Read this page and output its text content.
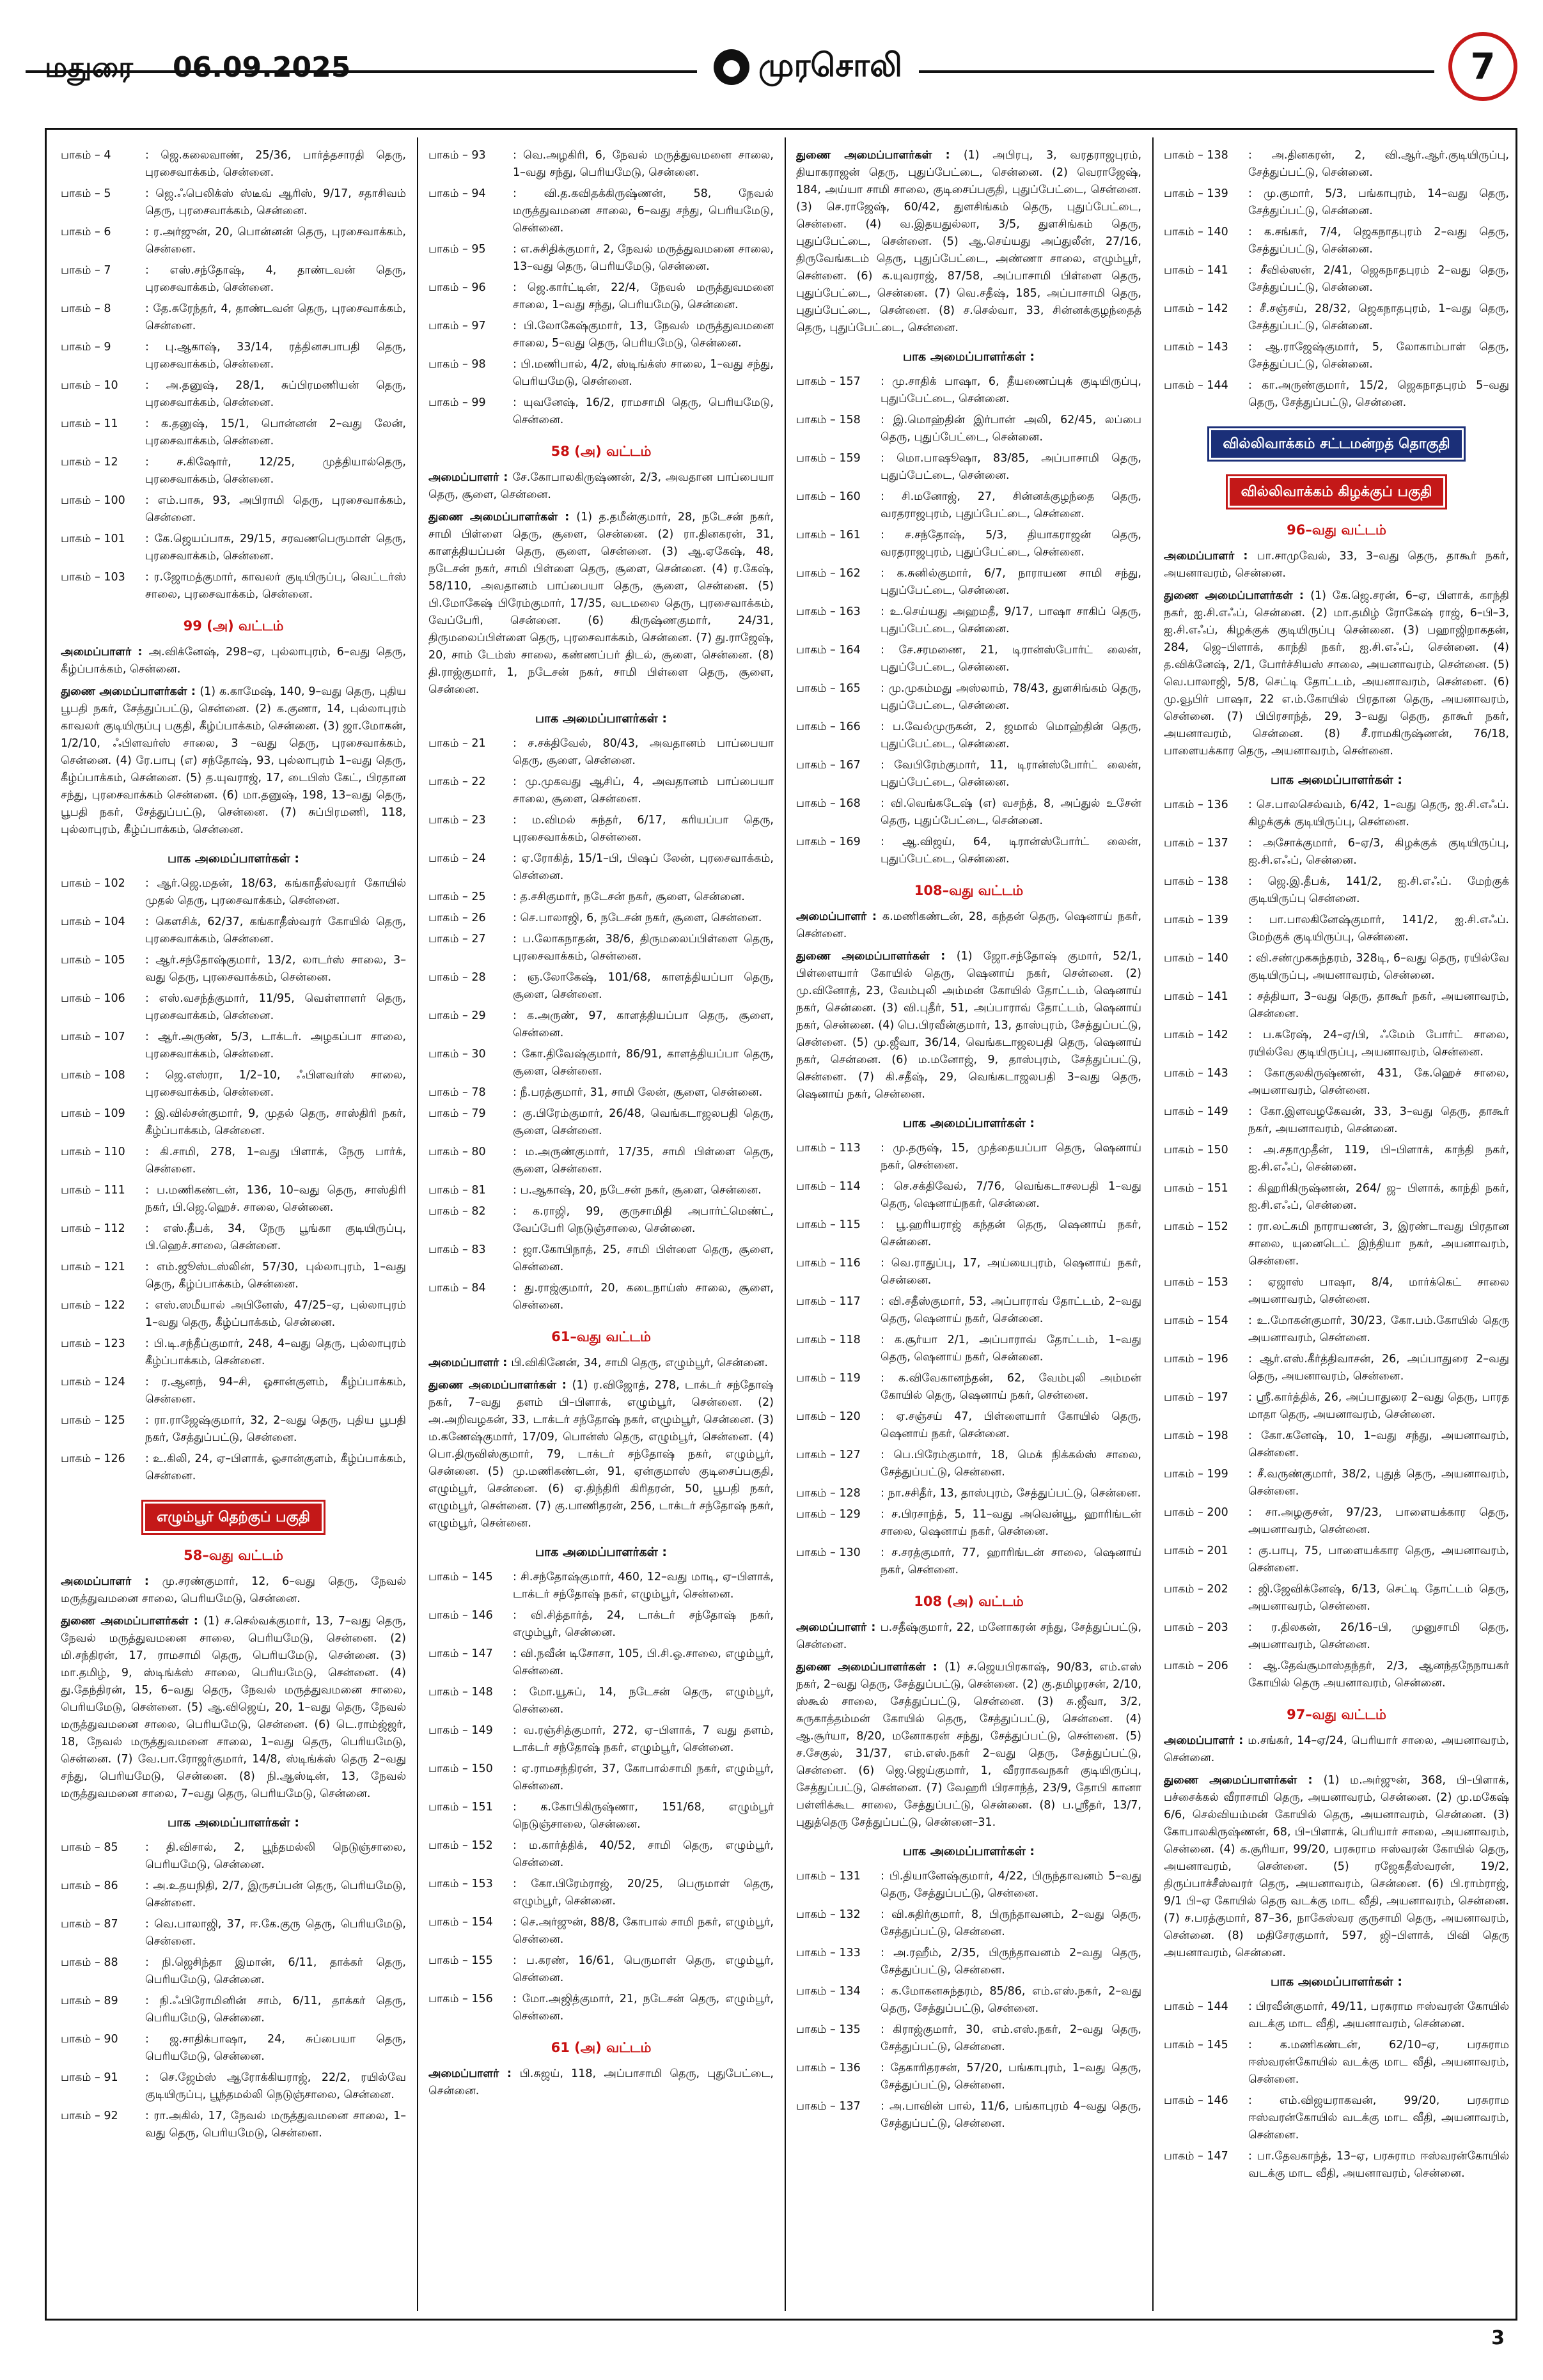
மதுரை 06.09.2025	● முரசொலி	7
பாகம் – 4	: ஜெ.கலைவாண், 25/36, பார்த்தசாரதி தெரு, புரசைவாக்கம், சென்னை.
பாகம் – 5	: ஜெ.ஃபெலிக்ஸ் ஸ்டீவ் ஆரிஸ், 9/17, சதாசிவம் தெரு, புரசைவாக்கம், சென்னை.
பாகம் – 6	: ர.அர்ஜுன், 20, பொன்னன் தெரு, புரசைவாக்கம், சென்னை.
பாகம் – 7	: எஸ்.சந்தோஷ், 4, தாண்டவன் தெரு, புரசைவாக்கம், சென்னை.
பாகம் – 8	: தே.சுரேந்தர், 4, தாண்டவன் தெரு, புரசைவாக்கம், சென்னை.
பாகம் – 9	: பு.ஆகாஷ், 33/14, ரத்தினசபாபதி தெரு, புரசைவாக்கம், சென்னை.
பாகம் – 10	: அ.தனுஷ், 28/1, சுப்பிரமணியன் தெரு, புரசைவாக்கம், சென்னை.
பாகம் – 11	: க.தனுஷ், 15/1, பொன்னன் 2–வது லேன், புரசைவாக்கம், சென்னை.
பாகம் – 12	: ச.கிஷோர், 12/25, முத்தியால்தெரு, புரசைவாக்கம், சென்னை.
பாகம் – 100	: எம்.பாசு, 93, அபிராமி தெரு, புரசைவாக்கம், சென்னை.
பாகம் – 101	: கே.ஜெயப்பாசு, 29/15, சரவணபெருமாள் தெரு, புரசைவாக்கம், சென்னை.
பாகம் – 103	: ர.ஜோமத்குமார், காவலர் குடியிருப்பு, வெட்டர்ஸ் சாலை, புரசைவாக்கம், சென்னை.
99 (அ) வட்டம்
அமைப்பாளர் : அ.விக்னேஷ், 298–ஏ, புல்லாபுரம், 6–வது தெரு, கீழ்ப்பாக்கம், சென்னை.
துணை அமைப்பாளர்கள் : (1) க.காமேஷ், 140, 9–வது தெரு, புதிய பூபதி நகர், சேத்துப்பட்டு, சென்னை. (2) க.குணா, 14, புல்லாபுரம் காவலர் குடியிருப்பு பகுதி, கீழ்ப்பாக்கம், சென்னை. (3) ஜா.மோகன், 1/2/10, ஃபிளவர்ஸ் சாலை, 3 –வது தெரு, புரசைவாக்கம், சென்னை. (4) ரே.பாபு (எ) சந்தோஷ், 93, புல்லாபுரம் 1–வது தெரு, கீழ்ப்பாக்கம், சென்னை. (5) த.யுவராஜ், 17, டைபிஸ் கேட், பிரதான சந்து, புரசைவாக்கம் சென்னை. (6) மா.தனுஷ், 198, 13–வது தெரு, பூபதி நகர், சேத்துப்பட்டு, சென்னை. (7) சுப்பிரமணி, 118, புல்லாபுரம், கீழ்ப்பாக்கம், சென்னை.
பாக அமைப்பாளர்கள் :
பாகம் – 102	: ஆர்.ஜெ.மதன், 18/63, கங்காதீஸ்வரர் கோயில் முதல் தெரு, புரசைவாக்கம், சென்னை.
பாகம் – 104	: கௌசிக், 62/37, கங்காதீஸ்வரர் கோயில் தெரு, புரசைவாக்கம், சென்னை.
பாகம் – 105	: ஆர்.சந்தோஷ்குமார், 13/2, லாடர்ஸ் சாலை, 3–வது தெரு, புரசைவாக்கம், சென்னை.
பாகம் – 106	: எஸ்.வசந்த்குமார், 11/95, வெள்ளாளர் தெரு, புரசைவாக்கம், சென்னை.
பாகம் – 107	: ஆர்.அருண், 5/3, டாக்டர். அழகப்பா சாலை, புரசைவாக்கம், சென்னை.
பாகம் – 108	: ஜெ.எஸ்ரா, 1/2–10, ஃபிளவர்ஸ் சாலை, புரசைவாக்கம், சென்னை.
பாகம் – 109	: இ.வில்சன்குமார், 9, முதல் தெரு, சாஸ்திரி நகர், கீழ்ப்பாக்கம், சென்னை.
பாகம் – 110	: கி.சாமி, 278, 1–வது பிளாக், நேரு பார்க், சென்னை.
பாகம் – 111	: ப.மணிகண்டன், 136, 10–வது தெரு, சாஸ்திரி நகர், பி.ஜெ.ஹெச். சாலை, சென்னை.
பாகம் – 112	: எஸ்.தீபக், 34, நேரு பூங்கா குடியிருப்பு, பி.ஹெச்.சாலை, சென்னை.
பாகம் – 121	: எம்.ஜூஸ்டஸ்லின், 57/30, புல்லாபுரம், 1–வது தெரு, கீழ்ப்பாக்கம், சென்னை.
பாகம் – 122	: எஸ்.ஸமீயால் அபினேஸ், 47/25–ஏ, புல்லாபுரம் 1–வது தெரு, கீழ்ப்பாக்கம், சென்னை.
பாகம் – 123	: பி.டி.சந்தீப்குமார், 248, 4–வது தெரு, புல்லாபுரம் கீழ்ப்பாக்கம், சென்னை.
பாகம் – 124	: ர.ஆனந், 94–சி, ஓசான்குளம், கீழ்ப்பாக்கம், சென்னை.
பாகம் – 125	: ரா.ராஜேஷ்குமார், 32, 2–வது தெரு, புதிய பூபதி நகர், சேத்துப்பட்டு, சென்னை.
பாகம் – 126	: உ.கிலி, 24, ஏ–பிளாக், ஓசான்குளம், கீழ்ப்பாக்கம், சென்னை.
எழும்பூர் தெற்குப் பகுதி
58–வது வட்டம்
அமைப்பாளர் : மு.சரண்குமார், 12, 6–வது தெரு, நேவல் மருத்துவமனை சாலை, பெரியமேடு, சென்னை.
துணை அமைப்பாளர்கள் : (1) ச.செல்வக்குமார், 13, 7–வது தெரு, நேவல் மருத்துவமனை சாலை, பெரியமேடு, சென்னை. (2) மி.சந்திரன், 17, ராமசாமி தெரு, பெரியமேடு, சென்னை. (3) மா.தமிழ், 9, ஸ்டிங்க்ஸ் சாலை, பெரியமேடு, சென்னை. (4) து.தேந்திரன், 15, 6–வது தெரு, நேவல் மருத்துவமனை சாலை, பெரியமேடு, சென்னை. (5) ஆ.விஜெய், 20, 1–வது தெரு, நேவல் மருத்துவமனை சாலை, பெரியமேடு, சென்னை. (6) டெ.ராம்ஜ்ஜர், 18, நேவல் மருத்துவமனை சாலை, 1–வது தெரு, பெரியமேடு, சென்னை. (7) வே.பா.ரோஜர்குமார், 14/8, ஸ்டிங்க்ஸ் தெரு 2–வது சந்து, பெரியமேடு, சென்னை. (8) நி.ஆஸ்டின், 13, நேவல் மருத்துவமனை சாலை, 7–வது தெரு, பெரியமேடு, சென்னை.
பாக அமைப்பாளர்கள் :
பாகம் – 85	: தி.விசால், 2, பூந்தமல்லி நெடுஞ்சாலை, பெரியமேடு, சென்னை.
பாகம் – 86	: அ.உதயநிதி, 2/7, இருசப்பன் தெரு, பெரியமேடு, சென்னை.
பாகம் – 87	: வெ.பாலாஜி, 37, ஈ.கே.குரு தெரு, பெரியமேடு, சென்னை.
பாகம் – 88	: நி.ஜெசிந்தா இமான், 6/11, தாக்கர் தெரு, பெரியமேடு, சென்னை.
பாகம் – 89	: நி.ஃபிரோமினின் சாம், 6/11, தாக்கர் தெரு, பெரியமேடு, சென்னை.
பாகம் – 90	: ஜ.சாதிக்பாஷா, 24, சுப்பையா தெரு, பெரியமேடு, சென்னை.
பாகம் – 91	: செ.ஜேம்ஸ் ஆரோக்கியராஜ், 22/2, ரயில்வே குடியிருப்பு, பூந்தமல்லி நெடுஞ்சாலை, சென்னை.
பாகம் – 92	: ரா.அகில், 17, நேவல் மருத்துவமனை சாலை, 1–வது தெரு, பெரியமேடு, சென்னை.
பாகம் – 93	: வெ.அழகிரி, 6, நேவல் மருத்துவமனை சாலை, 1–வது சந்து, பெரியமேடு, சென்னை.
பாகம் – 94	: வி.த.கவிதக்கிருஷ்ணன், 58, நேவல் மருத்துவமனை சாலை, 6–வது சந்து, பெரியமேடு, சென்னை.
பாகம் – 95	: எ.சுசிதிக்குமார், 2, நேவல் மருத்துவமனை சாலை, 13–வது தெரு, பெரியமேடு, சென்னை.
பாகம் – 96	: ஜெ.கார்ட்டின், 22/4, நேவல் மருத்துவமனை சாலை, 1–வது சந்து, பெரியமேடு, சென்னை.
பாகம் – 97	: பி.லோகேஷ்குமார், 13, நேவல் மருத்துவமனை சாலை, 5–வது தெரு, பெரியமேடு, சென்னை.
பாகம் – 98	: பி.மணிபால், 4/2, ஸ்டிங்க்ஸ் சாலை, 1–வது சந்து, பெரியமேடு, சென்னை.
பாகம் – 99	: யுவனேஷ், 16/2, ராமசாமி தெரு, பெரியமேடு, சென்னை.
58 (அ) வட்டம்
அமைப்பாளர் : சே.கோபாலகிருஷ்ணன், 2/3, அவதான பாப்பையா தெரு, சூளை, சென்னை.
துணை அமைப்பாளர்கள் : (1) த.தமீன்குமார், 28, நடேசன் நகர், சாமி பிள்ளை தெரு, சூளை, சென்னை. (2) ரா.தினகரன், 31, காளத்தியப்பன் தெரு, சூளை, சென்னை. (3) ஆ.ஏகேஷ், 48, நடேசன் நகர், சாமி பிள்ளை தெரு, சூளை, சென்னை. (4) ர.கேஷ், 58/110, அவதானம் பாப்பையா தெரு, சூளை, சென்னை. (5) பி.மோகேஷ் பிரேம்குமார், 17/35, வடமலை தெரு, புரசைவாக்கம், வேப்பேரி, சென்னை. (6) கிருஷ்ணகுமார், 24/31, திருமலைப்பிள்ளை தெரு, புரசைவாக்கம், சென்னை. (7) து.ராஜேஷ், 20, சாம் டேம்ஸ் சாலை, கண்ணப்பர் திடல், சூளை, சென்னை. (8) தி.ராஜ்குமார், 1, நடேசன் நகர், சாமி பிள்ளை தெரு, சூளை, சென்னை.
பாக அமைப்பாளர்கள் :
பாகம் – 21	: ச.சக்திவேல், 80/43, அவதானம் பாப்பையா தெரு, சூளை, சென்னை.
பாகம் – 22	: மு.முகவது ஆசிப், 4, அவதானம் பாப்பையா சாலை, சூளை, சென்னை.
பாகம் – 23	: ம.விமல் சுந்தர், 6/17, கரியப்பா தெரு, புரசைவாக்கம், சென்னை.
பாகம் – 24	: ஏ.ரோகித், 15/1–பி, பிஷப் லேன், புரசைவாக்கம், சென்னை.
பாகம் – 25	: த.சசிகுமார், நடேசன் நகர், சூளை, சென்னை.
பாகம் – 26	: செ.பாலாஜி, 6, நடேசன் நகர், சூளை, சென்னை.
பாகம் – 27	: ப.லோகநாதன், 38/6, திருமலைப்பிள்ளை தெரு, புரசைவாக்கம், சென்னை.
பாகம் – 28	: ஞ.லோகேஷ், 101/68, காளத்தியப்பா தெரு, சூளை, சென்னை.
பாகம் – 29	: க.அருண், 97, காளத்தியப்பா தெரு, சூளை, சென்னை.
பாகம் – 30	: கோ.திவேஷ்குமார், 86/91, காளத்தியப்பா தெரு, சூளை, சென்னை.
பாகம் – 78	: நீ.பரத்குமார், 31, சாமி லேன், சூளை, சென்னை.
பாகம் – 79	: கு.பிரேம்குமார், 26/48, வெங்கடாஜலபதி தெரு, சூளை, சென்னை.
பாகம் – 80	: ம.அருண்குமார், 17/35, சாமி பிள்ளை தெரு, சூளை, சென்னை.
பாகம் – 81	: ப.ஆகாஷ், 20, நடேசன் நகர், சூளை, சென்னை.
பாகம் – 82	: க.ராஜி, 99, குருசாமிதி அபார்ட்மெண்ட், வேப்பேரி நெடுஞ்சாலை, சென்னை.
பாகம் – 83	: ஜா.கோபிநாத், 25, சாமி பிள்ளை தெரு, சூளை, சென்னை.
பாகம் – 84	: து.ராஜ்குமார், 20, கடைநாய்ஸ் சாலை, சூளை, சென்னை.
61–வது வட்டம்
அமைப்பாளர் : பி.விகினேன், 34, சாமி தெரு, எழும்பூர், சென்னை.
துணை அமைப்பாளர்கள் : (1) ர.விஜோத், 278, டாக்டர் சந்தோஷ் நகர், 7–வது தளம் பி–பிளாக், எழும்பூர், சென்னை. (2) அ.அறிவழகன், 33, டாக்டர் சந்தோஷ் நகர், எழும்பூர், சென்னை. (3) ம.கணேஷ்குமார், 17/09, பொன்ஸ் தெரு, எழும்பூர், சென்னை. (4) பொ.திருவிஸ்குமார், 79, டாக்டர் சந்தோஷ் நகர், எழும்பூர், சென்னை. (5) மு.மணிகண்டன், 91, ஏன்குமாஸ் குடிசைப்பகுதி, எழும்பூர், சென்னை. (6) ஏ.திந்திரி கிரிதரன், 50, பூபதி நகர், எழும்பூர், சென்னை. (7) கு.பாணிதரன், 256, டாக்டர் சந்தோஷ் நகர், எழும்பூர், சென்னை.
பாக அமைப்பாளர்கள் :
பாகம் – 145	: சி.சந்தோஷ்குமார், 460, 12–வது மாடி, ஏ–பிளாக், டாக்டர் சந்தோஷ் நகர், எழும்பூர், சென்னை.
பாகம் – 146	: வி.சித்தார்த், 24, டாக்டர் சந்தோஷ் நகர், எழும்பூர், சென்னை.
பாகம் – 147	: வி.நவீன் டிசோசா, 105, பி.சி.ஓ.சாலை, எழும்பூர், சென்னை.
பாகம் – 148	: மோ.யூசுப், 14, நடேசன் தெரு, எழும்பூர், சென்னை.
பாகம் – 149	: வ.ரஞ்சித்குமார், 272, ஏ–பிளாக், 7 வது தளம், டாக்டர் சந்தோஷ் நகர், எழும்பூர், சென்னை.
பாகம் – 150	: ஏ.ராமசந்திரன், 37, கோபால்சாமி நகர், எழும்பூர், சென்னை.
பாகம் – 151	: க.கோபிகிருஷ்ணா, 151/68, எழும்பூர் நெடுஞ்சாலை, சென்னை.
பாகம் – 152	: ம.கார்த்திக், 40/52, சாமி தெரு, எழும்பூர், சென்னை.
பாகம் – 153	: கோ.பிரேம்ராஜ், 20/25, பெருமாள் தெரு, எழும்பூர், சென்னை.
பாகம் – 154	: செ.அர்ஜுன், 88/8, கோபால் சாமி நகர், எழும்பூர், சென்னை.
பாகம் – 155	: ப.கரண், 16/61, பெருமாள் தெரு, எழும்பூர், சென்னை.
பாகம் – 156	: மோ.அஜித்குமார், 21, நடேசன் தெரு, எழும்பூர், சென்னை.
61 (அ) வட்டம்
அமைப்பாளர் : பி.சுஜய், 118, அப்பாசாமி தெரு, புதுபேட்டை, சென்னை.
துணை அமைப்பாளர்கள் : (1) அபிரபு, 3, வரதராஜபுரம், தியாகராஜன் தெரு, புதுப்பேட்டை, சென்னை. (2) வெராஜேஷ், 184, அய்யா சாமி சாலை, குடிசைப்பகுதி, புதுப்பேட்டை, சென்னை. (3) செ.ராஜேஷ், 60/42, துளசிங்கம் தெரு, புதுப்பேட்டை, சென்னை. (4) வ.இதயதுல்லா, 3/5, துளசிங்கம் தெரு, புதுப்பேட்டை, சென்னை. (5) ஆ.செய்யது அப்துலீன், 27/16, திருவேங்கடம் தெரு, புதுப்பேட்டை, அண்ணா சாலை, எழும்பூர், சென்னை. (6) க.யுவராஜ், 87/58, அப்பாசாமி பிள்ளை தெரு, புதுப்பேட்டை, சென்னை. (7) வெ.சதீஷ், 185, அப்பாசாமி தெரு, புதுப்பேட்டை, சென்னை. (8) ச.செல்வா, 33, சின்னக்குழந்தைத் தெரு, புதுப்பேட்டை, சென்னை.
பாக அமைப்பாளர்கள் :
பாகம் – 157	: மு.சாதிக் பாஷா, 6, தீயணைப்புக் குடியிருப்பு, புதுப்பேட்டை, சென்னை.
பாகம் – 158	: இ.மொஹ்தின் இர்பான் அலி, 62/45, லப்பை தெரு, புதுப்பேட்டை, சென்னை.
பாகம் – 159	: மொ.பாஷூஷா, 83/85, அப்பாசாமி தெரு, புதுப்பேட்டை, சென்னை.
பாகம் – 160	: சி.மனோஜ், 27, சின்னக்குழந்தை தெரு, வரதராஜபுரம், புதுப்பேட்டை, சென்னை.
பாகம் – 161	: ச.சந்தோஷ், 5/3, தியாகராஜன் தெரு, வரதராஜபுரம், புதுப்பேட்டை, சென்னை.
பாகம் – 162	: க.சுனில்குமார், 6/7, நாராயண சாமி சந்து, புதுப்பேட்டை, சென்னை.
பாகம் – 163	: உ.செய்யது அஹமதீ, 9/17, பாஷா சாகிப் தெரு, புதுப்பேட்டை, சென்னை.
பாகம் – 164	: சே.சரமணை, 21, டிரான்ஸ்போர்ட் லைன், புதுப்பேட்டை, சென்னை.
பாகம் – 165	: மு.முகம்மது அஸ்லாம், 78/43, துளசிங்கம் தெரு, புதுப்பேட்டை, சென்னை.
பாகம் – 166	: ப.வேல்முருகன், 2, ஜமால் மொஹ்தின் தெரு, புதுப்பேட்டை, சென்னை.
பாகம் – 167	: வேபிரேம்குமார், 11, டிரான்ஸ்போர்ட் லைன், புதுப்பேட்டை, சென்னை.
பாகம் – 168	: வி.வெங்கடேஷ் (எ) வசந்த், 8, அப்துல் உசேன் தெரு, புதுப்பேட்டை, சென்னை.
பாகம் – 169	: ஆ.விஜய், 64, டிரான்ஸ்போர்ட் லைன், புதுப்பேட்டை, சென்னை.
108–வது வட்டம்
அமைப்பாளர் : க.மணிகண்டன், 28, கந்தன் தெரு, ஷெனாய் நகர், சென்னை.
துணை அமைப்பாளர்கள் : (1) ஜோ.சந்தோஷ் குமார், 52/1, பிள்ளையார் கோயில் தெரு, ஷெனாய் நகர், சென்னை. (2) மு.வினோத், 23, வேம்புலி அம்மன் கோயில் தோட்டம், ஷெனாய் நகர், சென்னை. (3) வி.புதீர், 51, அப்பாராவ் தோட்டம், ஷெனாய் நகர், சென்னை. (4) பெ.பிரவீன்குமார், 13, தாஸ்புரம், சேத்துப்பட்டு, சென்னை. (5) மு.ஜீவா, 36/14, வெங்கடாஜலபதி தெரு, ஷெனாய் நகர், சென்னை. (6) ம.மனோஜ், 9, தாஸ்புரம், சேத்துப்பட்டு, சென்னை. (7) கி.சதீஷ், 29, வெங்கடாஜலபதி 3–வது தெரு, ஷெனாய் நகர், சென்னை.
பாக அமைப்பாளர்கள் :
பாகம் – 113	: மு.தருஷ், 15, முத்தையப்பா தெரு, ஷெனாய் நகர், சென்னை.
பாகம் – 114	: செ.சக்திவேல், 7/76, வெங்கடாசலபதி 1–வது தெரு, ஷெனாய்நகர், சென்னை.
பாகம் – 115	: பூ.ஹரியராஜ் கந்தன் தெரு, ஷெனாய் நகர், சென்னை.
பாகம் – 116	: வெ.ராதுப்பு, 17, அய்யைபுரம், ஷெனாய் நகர், சென்னை.
பாகம் – 117	: வி.சதீஸ்குமார், 53, அப்பாராவ் தோட்டம், 2–வது தெரு, ஷெனாய் நகர், சென்னை.
பாகம் – 118	: க.சூர்யா 2/1, அப்பாராவ் தோட்டம், 1–வது தெரு, ஷெனாய் நகர், சென்னை.
பாகம் – 119	: க.விவேகானந்தன், 62, வேம்புலி அம்மன் கோயில் தெரு, ஷெனாய் நகர், சென்னை.
பாகம் – 120	: ஏ.சஞ்சய் 47, பிள்ளையார் கோயில் தெரு, ஷெனாய் நகர், சென்னை.
பாகம் – 127	: பெ.பிரேம்குமார், 18, மெக் நிக்கல்ஸ் சாலை, சேத்துப்பட்டு, சென்னை.
பாகம் – 128	: நா.சசிதீர், 13, தாஸ்புரம், சேத்துப்பட்டு, சென்னை.
பாகம் – 129	: ச.பிரசாந்த், 5, 11–வது அவென்யூ, ஹாரிங்டன் சாலை, ஷெனாய் நகர், சென்னை.
பாகம் – 130	: ச.சரத்குமார், 77, ஹாரிங்டன் சாலை, ஷெனாய் நகர், சென்னை.
108 (அ) வட்டம்
அமைப்பாளர் : ப.சதீஷ்குமார், 22, மனோகரன் சந்து, சேத்துப்பட்டு, சென்னை.
துணை அமைப்பாளர்கள் : (1) ச.ஜெயபிரகாஷ், 90/83, எம்.எஸ் நகர், 2–வது தெரு, சேத்துப்பட்டு, சென்னை. (2) கு.தமிழரசன், 2/10, ஸ்கூல் சாலை, சேத்துப்பட்டு, சென்னை. (3) சு.ஜீவா, 3/2, சுருகாத்தம்மன் கோயில் தெரு, சேத்துப்பட்டு, சென்னை. (4) ஆ.சூர்யா, 8/20, மனோகரன் சந்து, சேத்துப்பட்டு, சென்னை. (5) ச.சேகுல், 31/37, எம்.எஸ்.நகர் 2–வது தெரு, சேத்துப்பட்டு, சென்னை. (6) ஜெ.ஜெய்குமார், 1, வீரராகவநகர் குடியிருப்பு, சேத்துப்பட்டு, சென்னை. (7) வேஹரி பிரசாந்த், 23/9, தோபி கானா பள்ளிக்கூட சாலை, சேத்துப்பட்டு, சென்னை. (8) ப.ஸ்ரீதர், 13/7, புதுத்தெரு சேத்துப்பட்டு, சென்னை–31.
பாக அமைப்பாளர்கள் :
பாகம் – 131	: பி.தியானேஷ்குமார், 4/22, பிருந்தாவனம் 5–வது தெரு, சேத்துப்பட்டு, சென்னை.
பாகம் – 132	: வி.சுதிர்குமார், 8, பிருந்தாவனம், 2–வது தெரு, சேத்துப்பட்டு, சென்னை.
பாகம் – 133	: அ.ரஹீம், 2/35, பிருந்தாவனம் 2–வது தெரு, சேத்துப்பட்டு, சென்னை.
பாகம் – 134	: க.மோகனசுந்தரம், 85/86, எம்.எஸ்.நகர், 2–வது தெரு, சேத்துப்பட்டு, சென்னை.
பாகம் – 135	: கிராஜ்குமார், 30, எம்.எஸ்.நகர், 2–வது தெரு, சேத்துப்பட்டு, சென்னை.
பாகம் – 136	: தேகாரிதரசன், 57/20, பங்காபுரம், 1–வது தெரு, சேத்துப்பட்டு, சென்னை.
பாகம் – 137	: அ.பாவின் பால், 11/6, பங்காபுரம் 4–வது தெரு, சேத்துப்பட்டு, சென்னை.
பாகம் – 138	: அ.தினகரன், 2, வி.ஆர்.ஆர்.குடியிருப்பு, சேத்துப்பட்டு, சென்னை.
பாகம் – 139	: மு.குமார், 5/3, பங்காபுரம், 14–வது தெரு, சேத்துப்பட்டு, சென்னை.
பாகம் – 140	: க.சங்கர், 7/4, ஜெகநாதபுரம் 2–வது தெரு, சேத்துப்பட்டு, சென்னை.
பாகம் – 141	: சீவில்ஸன், 2/41, ஜெகநாதபுரம் 2–வது தெரு, சேத்துப்பட்டு, சென்னை.
பாகம் – 142	: சீ.சஞ்சய், 28/32, ஜெகநாதபுரம், 1–வது தெரு, சேத்துப்பட்டு, சென்னை.
பாகம் – 143	: ஆ.ராஜேஷ்குமார், 5, லோகாம்பாள் தெரு, சேத்துப்பட்டு, சென்னை.
பாகம் – 144	: கா.அருண்குமார், 15/2, ஜெகநாதபுரம் 5–வது தெரு, சேத்துப்பட்டு, சென்னை.
வில்லிவாக்கம் சட்டமன்றத் தொகுதி
வில்லிவாக்கம் கிழக்குப் பகுதி
96–வது வட்டம்
அமைப்பாளர் : பா.சாமுவேல், 33, 3–வது தெரு, தாகூர் நகர், அயனாவரம், சென்னை.
துணை அமைப்பாளர்கள் : (1) கே.ஜெ.சரன், 6–ஏ, பிளாக், காந்தி நகர், ஐ.சி.எஃப், சென்னை. (2) மா.தமிழ் ரோகேஷ் ராஜ், 6–பி–3, ஐ.சி.எஃப், கிழக்குக் குடியிருப்பு சென்னை. (3) பஹாஜிறாகதன், 284, ஜெ–பிளாக், காந்தி நகர், ஐ.சி.எஃப், சென்னை. (4) த.விக்னேஷ், 2/1, போர்ச்சியஸ் சாலை, அயனாவரம், சென்னை. (5) வெ.பாலாஜி, 5/8, செட்டி தோட்டம், அயனாவரம், சென்னை. (6) மு.வூபிர் பாஷா, 22 எ.ம்.கோயில் பிரதான தெரு, அயனாவரம், சென்னை. (7) பிபிரசாந்த், 29, 3–வது தெரு, தாகூர் நகர், அயனாவரம், சென்னை. (8) சீ.ராமகிருஷ்ணன், 76/18, பாளையக்கார தெரு, அயனாவரம், சென்னை.
பாக அமைப்பாளர்கள் :
பாகம் – 136	: செ.பாலசெல்வம், 6/42, 1–வது தெரு, ஐ.சி.எஃப். கிழக்குக் குடியிருப்பு, சென்னை.
பாகம் – 137	: அசோக்குமார், 6–ஏ/3, கிழக்குக் குடியிருப்பு, ஐ.சி.எஃப், சென்னை.
பாகம் – 138	: ஜெ.இ.தீபக், 141/2, ஐ.சி.எஃப். மேற்குக் குடியிருப்பு சென்னை.
பாகம் – 139	: பா.பாலகினேஷ்குமார், 141/2, ஐ.சி.எஃப். மேற்குக் குடியிருப்பு, சென்னை.
பாகம் – 140	: வி.சண்முகசுந்தரம், 328டி, 6–வது தெரு, ரயில்வே குடியிருப்பு, அயனாவரம், சென்னை.
பாகம் – 141	: சத்தியா, 3–வது தெரு, தாகூர் நகர், அயனாவரம், சென்னை.
பாகம் – 142	: ப.சுரேஷ், 24–ஏ/பி, ஃமேம் போர்ட் சாலை, ரயில்வே குடியிருப்பு, அயனாவரம், சென்னை.
பாகம் – 143	: கோகுலகிருஷ்ணன், 431, கே.ஹெச் சாலை, அயனாவரம், சென்னை.
பாகம் – 149	: கோ.இளவழகேவன், 33, 3–வது தெரு, தாகூர் நகர், அயனாவரம், சென்னை.
பாகம் – 150	: அ.சதாமுதீன், 119, பி–பிளாக், காந்தி நகர், ஐ.சி.எஃப், சென்னை.
பாகம் – 151	: கிஹரிகிருஷ்ணன், 264/ ஜ– பிளாக், காந்தி நகர், ஐ.சி.எஃப், சென்னை.
பாகம் – 152	: ரா.லட்சுமி நாராயணன், 3, இரண்டாவது பிரதான சாலை, யுனைடெட் இந்தியா நகர், அயனாவரம், சென்னை.
பாகம் – 153	: ஏஜாஸ் பாஷா, 8/4, மார்க்கெட் சாலை அயனாவரம், சென்னை.
பாகம் – 154	: உ.மோகன்குமார், 30/23, கோ.பம்.கோயில் தெரு அயனாவரம், சென்னை.
பாகம் – 196	: ஆர்.எஸ்.கீர்த்திவாசன், 26, அப்பாதுரை 2–வது தெரு, அயனாவரம், சென்னை.
பாகம் – 197	: ஸ்ரீ.கார்த்திக், 26, அப்பாதுரை 2–வது தெரு, பாரத மாதா தெரு, அயனாவரம், சென்னை.
பாகம் – 198	: கோ.கனேஷ், 10, 1–வது சந்து, அயனாவரம், சென்னை.
பாகம் – 199	: சீ.வருண்குமார், 38/2, புதுத் தெரு, அயனாவரம், சென்னை.
பாகம் – 200	: சா.அழகுசன், 97/23, பாளையக்கார தெரு, அயனாவரம், சென்னை.
பாகம் – 201	: கு.பாபு, 75, பாளையக்கார தெரு, அயனாவரம், சென்னை.
பாகம் – 202	: ஜி.ஜேவிக்னேஷ், 6/13, செட்டி தோட்டம் தெரு, அயனாவரம், சென்னை.
பாகம் – 203	: ர.திலகன், 26/16–பி, முனுசாமி தெரு, அயனாவரம், சென்னை.
பாகம் – 206	: ஆ.தேவ்சூமாஸ்தந்தர், 2/3, ஆனந்தநேநாயகர் கோயில் தெரு அயனாவரம், சென்னை.
97–வது வட்டம்
அமைப்பாளர் : ம.சங்கர், 14–ஏ/24, பெரியார் சாலை, அயனாவரம், சென்னை.
துணை அமைப்பாளர்கள் : (1) ம.அர்ஜுன், 368, பி–பிளாக், பச்சைக்கல் வீராசாமி தெரு, அயனாவரம், சென்னை. (2) மு.மகேஷ் 6/6, செல்வியம்மன் கோயில் தெரு, அயனாவரம், சென்னை. (3) கோபாலகிருஷ்ணன், 68, பி–பிளாக், பெரியார் சாலை, அயனாவரம், சென்னை. (4) க.சூரியா, 99/20, பரசுராம ஈஸ்வரன் கோயில் தெரு, அயனாவரம், சென்னை. (5) ரஜேகதீஸ்வரன், 19/2, திருப்பாச்சீஸ்வரர் தெரு, அயனாவரம், சென்னை. (6) பி.ராம்ராஜ், 9/1 பி–ஏ கோயில் தெரு வடக்கு மாட வீதி, அயனாவரம், சென்னை. (7) ச.பரத்குமார், 87–36, நாகேஸ்வர குருசாமி தெரு, அயனாவரம், சென்னை. (8) மதிசேரகுமார், 597, ஜி–பிளாக், பிவி தெரு அயனாவரம், சென்னை.
பாக அமைப்பாளர்கள் :
பாகம் – 144	: பிரவீன்குமார், 49/11, பரசுராம ஈஸ்வரன் கோயில் வடக்கு மாட வீதி, அயனாவரம், சென்னை.
பாகம் – 145	: க.மணிகண்டன், 62/10–ஏ, பரசுராம ஈஸ்வரன்கோயில் வடக்கு மாட வீதி, அயனாவரம், சென்னை.
பாகம் – 146	: எம்.விஜயராகவன், 99/20, பரசுராம ஈஸ்வரன்கோயில் வடக்கு மாட வீதி, அயனாவரம், சென்னை.
பாகம் – 147	: பா.தேவகாந்த், 13–ஏ, பரசுராம ஈஸ்வரன்கோயில் வடக்கு மாட வீதி, அயனாவரம், சென்னை.
3
